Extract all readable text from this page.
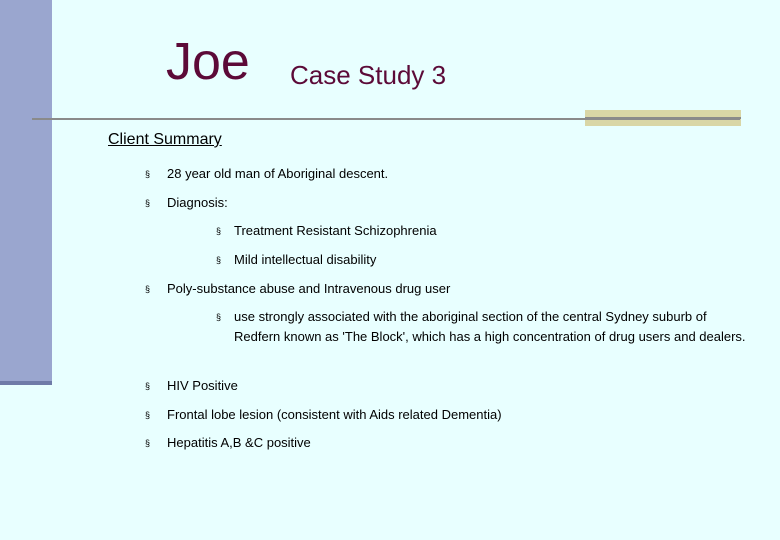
Joe Case Study 3
Client Summary
§ 28 year old man of Aboriginal descent.
§ Diagnosis:
§ Treatment Resistant Schizophrenia
§ Mild intellectual disability
§ Poly-substance abuse and Intravenous drug user
§ use strongly associated with the aboriginal section of the central Sydney suburb of Redfern known as 'The Block', which has a high concentration of drug users and dealers.
§ HIV Positive
§ Frontal lobe lesion (consistent with Aids related Dementia)
§ Hepatitis A,B &C positive
